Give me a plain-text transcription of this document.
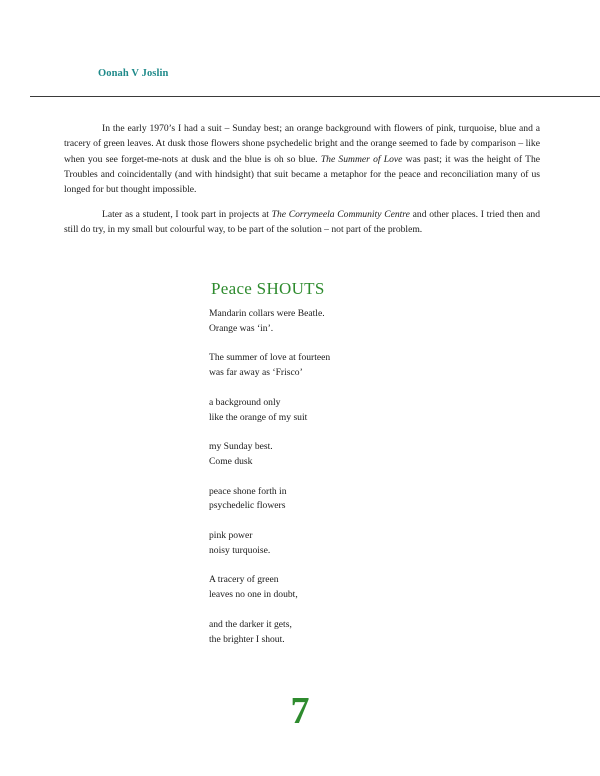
Oonah V Joslin

In the early 1970’s I had a suit – Sunday best; an orange background with flowers of pink, turquoise, blue and a tracery of green leaves. At dusk those flowers shone psychedelic bright and the orange seemed to fade by comparison – like when you see forget-me-nots at dusk and the blue is oh so blue. The Summer of Love was past; it was the height of The Troubles and coincidentally (and with hindsight) that suit became a metaphor for the peace and reconciliation many of us longed for but thought impossible.

Later as a student, I took part in projects at The Corrymeela Community Centre and other places. I tried then and still do try, in my small but colourful way, to be part of the solution – not part of the problem.

Peace SHOUTS
Mandarin collars were Beatle.
Orange was ‘in’.
The summer of love at fourteen
was far away as ‘Frisco’
a background only
like the orange of my suit
my Sunday best.
Come dusk
peace shone forth in
psychedelic flowers
pink power
noisy turquoise.
A tracery of green
leaves no one in doubt,
and the darker it gets,
the brighter I shout.
7
